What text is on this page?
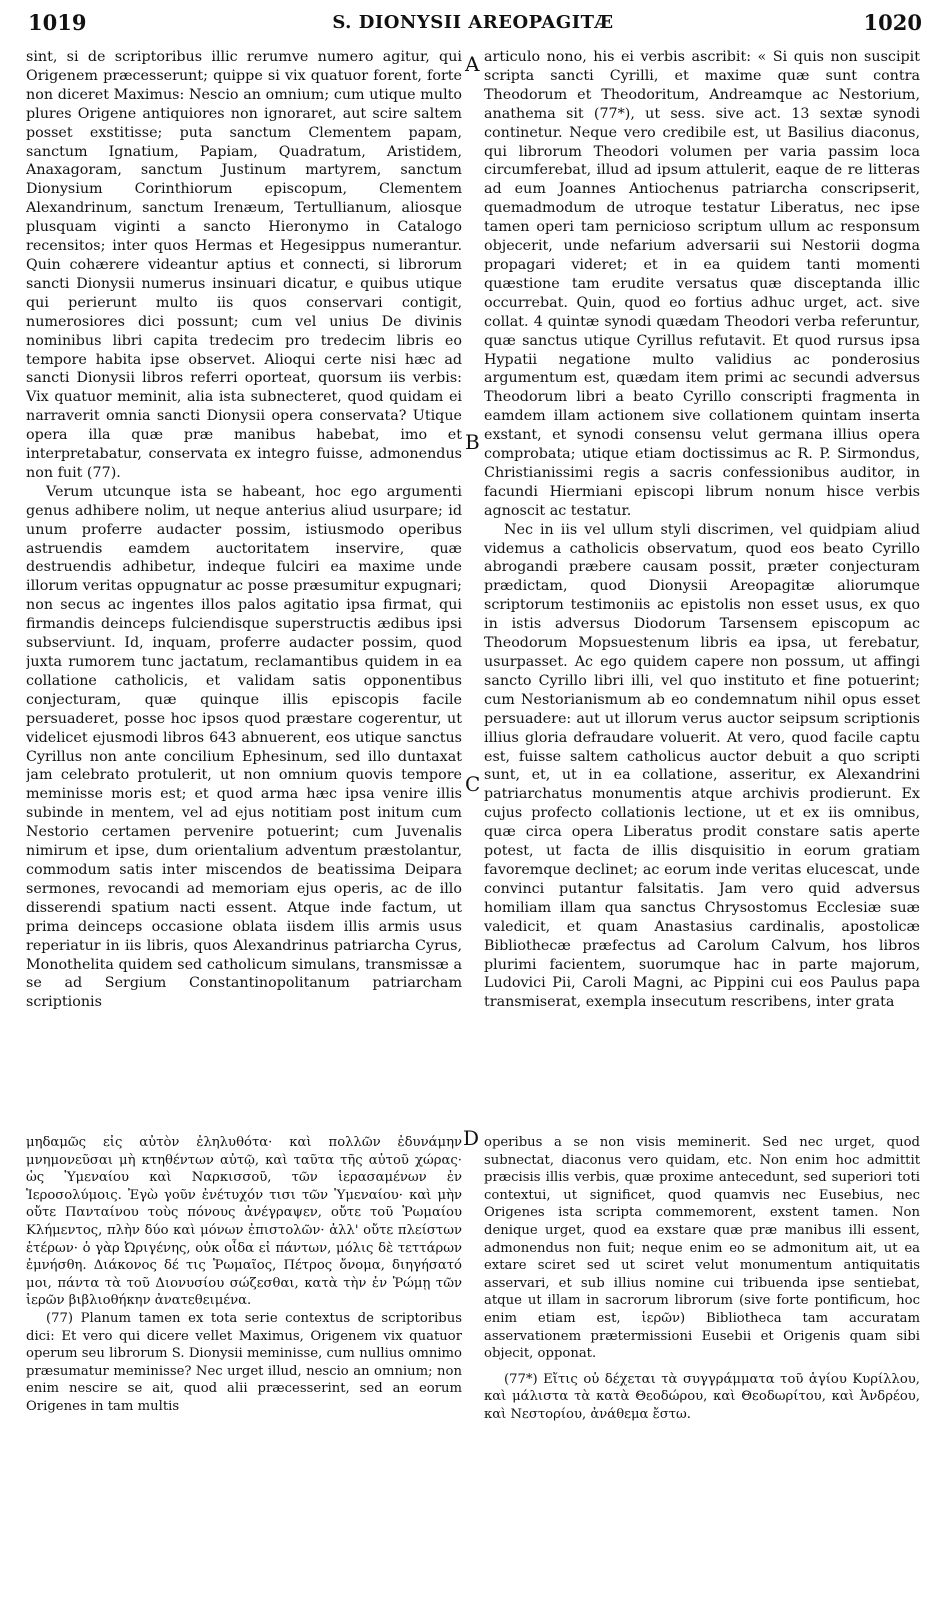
1019	S. DIONYSII AREOPAGITÆ	1020

sint, si de scriptoribus illic rerumve numero agitur, qui Origenem præcesserunt; quippe si vix quatuor forent, forte non diceret Maximus: Nescio an omnium; cum utique multo plures Origene antiquiores non ignoraret, aut scire saltem posset exstitisse; puta sanctum Clementem papam, sanctum Ignatium, Papiam, Quadratum, Aristidem, Anaxagoram, sanctum Justinum martyrem, sanctum Dionysium Corinthiorum episcopum, Clementem Alexandrinum, sanctum Irenæum, Tertullianum, aliosque plusquam viginti a sancto Hieronymo in Catalogo recensitos; inter quos Hermas et Hegesippus numerantur. Quin cohærere videantur aptius et connecti, si librorum sancti Dionysii numerus insinuari dicatur, e quibus utique qui perierunt multo iis quos conservari contigit, numerosiores dici possunt; cum vel unius De divinis nominibus libri capita tredecim pro tredecim libris eo tempore habita ipse observet. Alioqui certe nisi hæc ad sancti Dionysii libros referri oporteat, quorsum iis verbis: Vix quatuor meminit, alia ista subnecteret, quod quidam ei narraverit omnia sancti Dionysii opera conservata? Utique opera illa quæ præ manibus habebat, imo et interpretabatur, conservata ex integro fuisse, admonendus non fuit (77).

Verum utcunque ista se habeant, hoc ego argumenti genus adhibere nolim, ut neque anterius aliud usurpare; id unum proferre audacter possim, istiusmodo operibus astruendis eamdem auctoritatem inservire, quæ destruendis adhibetur, indeque fulciri ea maxime unde illorum veritas oppugnatur ac posse præsumitur expugnari; non secus ac ingentes illos palos agitatio ipsa firmat, qui firmandis deinceps fulciendisque superstructis ædibus ipsi subserviunt. Id, inquam, proferre audacter possim, quod juxta rumorem tunc jactatum, reclamantibus quidem in ea collatione catholicis, et validam satis opponentibus conjecturam, quæ quinque illis episcopis facile persuaderet, posse hoc ipsos quod præstare cogerentur, ut videlicet ejusmodi libros 643 abnuerent, eos utique sanctus Cyrillus non ante concilium Ephesinum, sed illo duntaxat jam celebrato protulerit, ut non omnium quovis tempore meminisse moris est; et quod arma hæc ipsa venire illis subinde in mentem, vel ad ejus notitiam post initum cum Nestorio certamen pervenire potuerint; cum Juvenalis nimirum et ipse, dum orientalium adventum præstolantur, commodum satis inter miscendos de beatissima Deipara sermones, revocandi ad memoriam ejus operis, ac de illo disserendi spatium nacti essent. Atque inde factum, ut prima deinceps occasione oblata iisdem illis armis usus reperiatur in iis libris, quos Alexandrinus patriarcha Cyrus, Monothelita quidem sed catholicum simulans, transmissæ a se ad Sergium Constantinopolitanum patriarcham scriptionis

articulo nono, his ei verbis ascribit: « Si quis non suscipit scripta sancti Cyrilli, et maxime quæ sunt contra Theodorum et Theodoritum, Andreamque ac Nestorium, anathema sit (77*), ut sess. sive act. 13 sextæ synodi continetur. Neque vero credibile est, ut Basilius diaconus, qui librorum Theodori volumen per varia passim loca circumferebat, illud ad ipsum attulerit, eaque de re litteras ad eum Joannes Antiochenus patriarcha conscripserit, quemadmodum de utroque testatur Liberatus, nec ipse tamen operi tam pernicioso scriptum ullum ac responsum objecerit, unde nefarium adversarii sui Nestorii dogma propagari videret; et in ea quidem tanti momenti quæstione tam erudite versatus quæ disceptanda illic occurrebat. Quin, quod eo fortius adhuc urget, act. sive collat. 4 quintæ synodi quædam Theodori verba referuntur, quæ sanctus utique Cyrillus refutavit. Et quod rursus ipsa Hypatii negatione multo validius ac ponderosius argumentum est, quædam item primi ac secundi adversus Theodorum libri a beato Cyrillo conscripti fragmenta in eamdem illam actionem sive collationem quintam inserta exstant, et synodi consensu velut germana illius opera comprobata; utique etiam doctissimus ac R. P. Sirmondus, Christianissimi regis a sacris confessionibus auditor, in facundi Hiermiani episcopi librum nonum hisce verbis agnoscit ac testatur.

Nec in iis vel ullum styli discrimen, vel quidpiam aliud videmus a catholicis observatum, quod eos beato Cyrillo abrogandi præbere causam possit, præter conjecturam prædictam, quod Dionysii Areopagitæ aliorumque scriptorum testimoniis ac epistolis non esset usus, ex quo in istis adversus Diodorum Tarsensem episcopum ac Theodorum Mopsuestenum libris ea ipsa, ut ferebatur, usurpasset. Ac ego quidem capere non possum, ut affingi sancto Cyrillo libri illi, vel quo instituto et fine potuerint; cum Nestorianismum ab eo condemnatum nihil opus esset persuadere: aut ut illorum verus auctor seipsum scriptionis illius gloria defraudare voluerit. At vero, quod facile captu est, fuisse saltem catholicus auctor debuit a quo scripti sunt, et, ut in ea collatione, asseritur, ex Alexandrini patriarchatus monumentis atque archivis prodierunt. Ex cujus profecto collationis lectione, ut et ex iis omnibus, quæ circa opera Liberatus prodit constare satis aperte potest, ut facta de illis disquisitio in eorum gratiam favoremque declinet; ac eorum inde veritas elucescat, unde convinci putantur falsitatis. Jam vero quid adversus homiliam illam qua sanctus Chrysostomus Ecclesiæ suæ valedicit, et quam Anastasius cardinalis, apostolicæ Bibliothecæ præfectus ad Carolum Calvum, hos libros plurimi facientem, suorumque hac in parte majorum, Ludovici Pii, Caroli Magni, ac Pippini cui eos Paulus papa transmiserat, exempla insecutum rescribens, inter grata

μηδαμῶς εἰς αὐτὸν ἐληλυθότα· καὶ πολλῶν ἐδυνάμην μνημονεῦσαι μὴ κτηθέντων αὐτῷ, καὶ ταῦτα τῆς αὐτοῦ χώρας· ὡς Ὑμεναίου καὶ Ναρκισσοῦ, τῶν ἱερασαμένων ἐν Ἱεροσολύμοις. Ἐγὼ γοῦν ἐνέτυχόν τισι τῶν Ὑμεναίου· καὶ μὴν οὔτε Πανταίνου τοὺς πόνους ἀνέγραψεν, οὔτε τοῦ Ῥωμαίου Κλήμεντος, πλὴν δύο καὶ μόνων ἐπιστολῶν· ἀλλ' οὔτε πλείστων ἑτέρων· ὁ γὰρ Ὠριγένης, οὐκ οἶδα εἰ πάντων, μόλις δὲ τεττάρων ἐμνήσθη. Διάκονος δέ τις Ῥωμαῖος, Πέτρος ὄνομα, διηγήσατό μοι, πάντα τὰ τοῦ Διονυσίου σώζεσθαι, κατὰ τὴν ἐν Ῥώμῃ τῶν ἱερῶν βιβλιοθήκην ἀνατεθειμένα.

(77) Planum tamen ex tota serie contextus de scriptoribus dici: Et vero qui dicere vellet Maximus, Origenem vix quatuor operum seu librorum S. Dionysii meminisse, cum nullius omnimo præsumatur meminisse? Nec urget illud, nescio an omnium; non enim nescire se ait, quod alii præcesserint, sed an eorum Origenes in tam multis

operibus a se non visis meminerit. Sed nec urget, quod subnectat, diaconus vero quidam, etc. Non enim hoc admittit præcisis illis verbis, quæ proxime antecedunt, sed superiori toti contextui, ut significet, quod quamvis nec Eusebius, nec Origenes ista scripta commemorent, exstent tamen. Non denique urget, quod ea exstare quæ præ manibus illi essent, admonendus non fuit; neque enim eo se admonitum ait, ut ea extare sciret sed ut sciret velut monumentum antiquitatis asservari, et sub illius nomine cui tribuenda ipse sentiebat, atque ut illam in sacrorum librorum (sive forte pontificum, hoc enim etiam est, ἱερῶν) Bibliotheca tam accuratam asservationem prætermissioni Eusebii et Origenis quam sibi objecit, opponat.

(77*) Εἴτις οὐ δέχεται τὰ συγγράμματα τοῦ ἁγίου Κυρίλλου, καὶ μάλιστα τὰ κατὰ Θεοδώρου, καὶ Θεοδωρίτου, καὶ Ἀνδρέου, καὶ Νεστορίου, ἀνάθεμα ἔστω.

A
B
C
D
